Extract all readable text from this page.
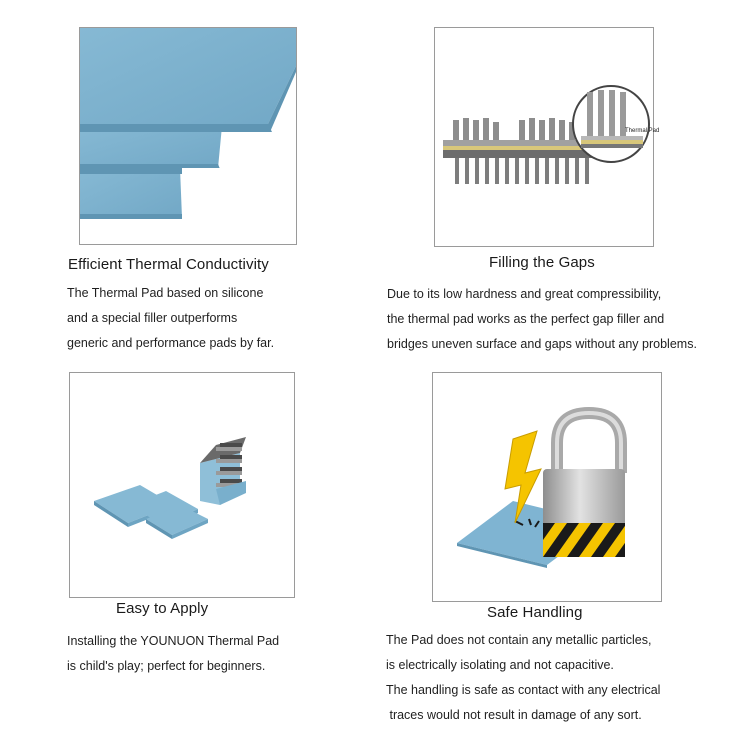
Efficient Thermal Conductivity
The Thermal Pad based on silicone
and a special filler outperforms
generic and performance pads by far.
Thermal Pad
Filling the Gaps
Due to its low hardness and great compressibility,
the thermal pad works as the perfect gap filler and
bridges uneven surface and gaps without any problems.
Easy to Apply
Installing the YOUNUON Thermal Pad
is child's play; perfect for beginners.
Safe Handling
The Pad does not contain any metallic particles,
is electrically isolating and not capacitive.
The handling is safe as contact with any electrical
traces would not result in damage of any sort.
